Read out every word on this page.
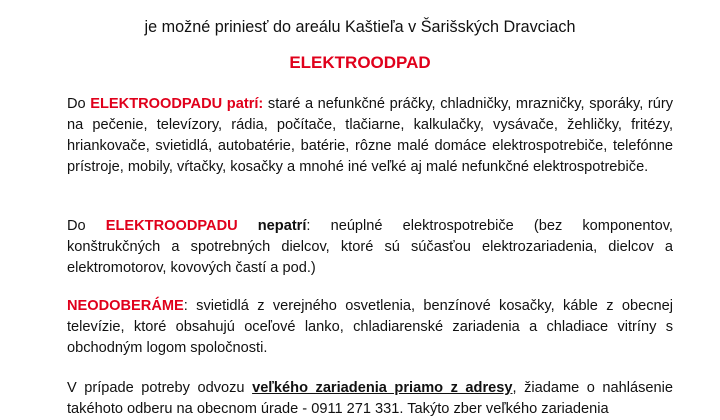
je možné priniesť do areálu Kaštieľa v Šarišských Dravciach
ELEKTROODPAD
Do ELEKTROODPADU patrí: staré a nefunkčné práčky, chladničky, mrazničky, sporáky, rúry na pečenie, televízory, rádia, počítače, tlačiarne, kalkulačky, vysávače, žehličky, fritézy, hriankovače, svietidlá, autobatérie, batérie, rôzne malé domáce elektrospotrebiče, telefónne prístroje, mobily, vŕtačky, kosačky a mnohé iné veľké aj malé nefunkčné elektrospotrebiče.
Do ELEKTROODPADU nepatrí: neúplné elektrospotrebiče (bez komponentov, konštrukčných a spotrebných dielcov, ktoré sú súčasťou elektrozariadenia, dielcov a elektromotorov, kovových častí a pod.)
NEODOBERÁME: svietidlá z verejného osvetlenia, benzínové kosačky, káble z obecnej televízie, ktoré obsahujú oceľové lanko, chladiarenské zariadenia a chladiace vitríny s obchodným logom spoločnosti.
V prípade potreby odvozu veľkého zariadenia priamo z adresy, žiadame o nahlásenie takéhoto odberu na obecnom úrade - 0911 271 331. Takýto zber veľkého zariadenia
